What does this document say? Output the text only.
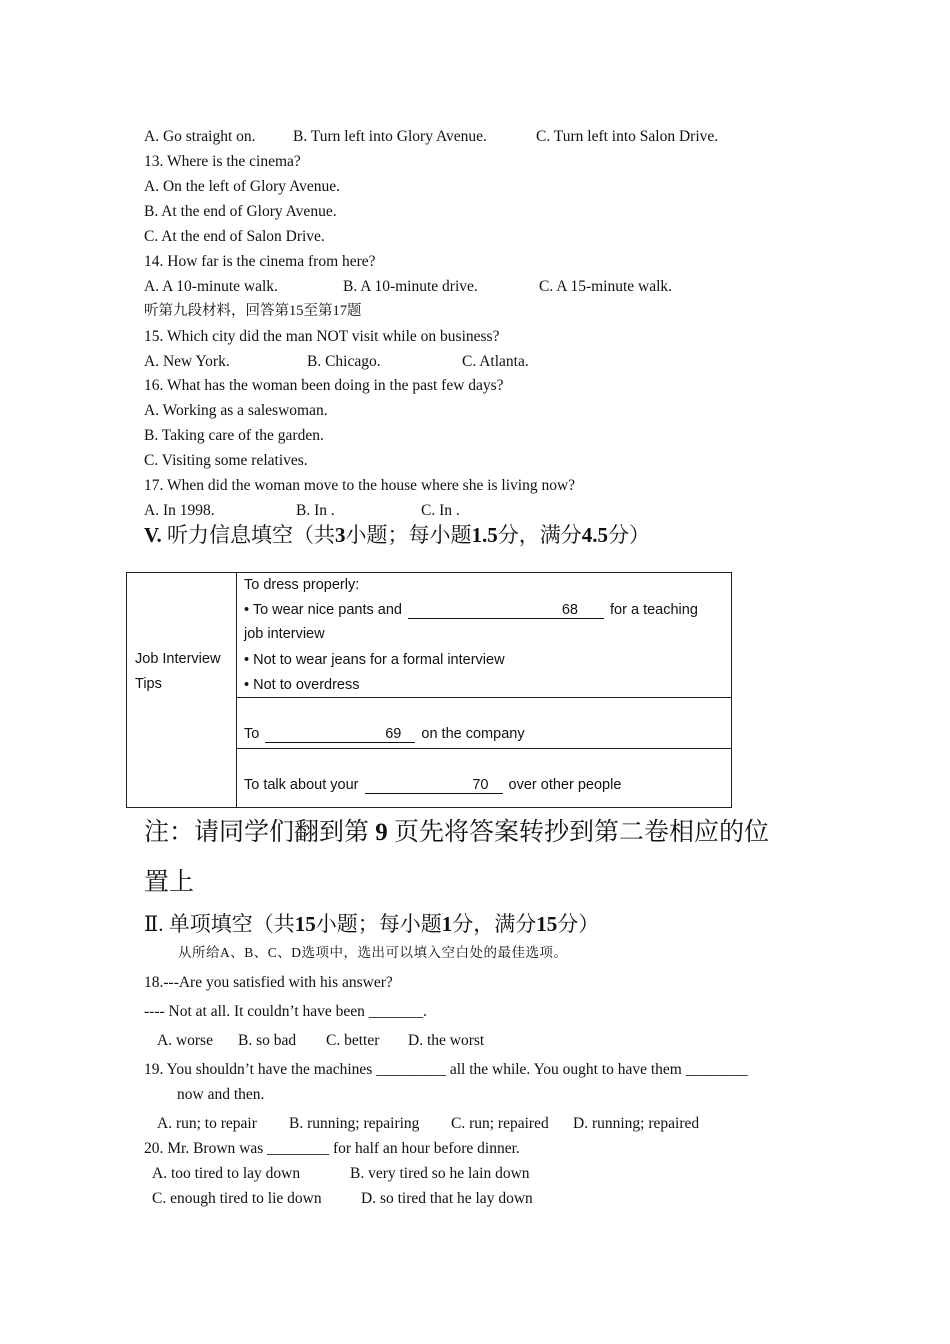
A. Go straight on. B. Turn left into Glory Avenue.	C. Turn left into Salon Drive.
13. Where is the cinema?
A. On the left of Glory Avenue.
B. At the end of Glory Avenue.
C. At the end of Salon Drive.
14. How far is the cinema from here?
A. A 10-minute walk.	B. A 10-minute drive.	C. A 15-minute walk.
听第九段材料，回答第15至第17题
15. Which city did the man NOT visit while on business?
A. New York.	B. Chicago.	C. Atlanta.
16. What has the woman been doing in the past few days?
A. Working as a saleswoman.
B. Taking care of the garden.
C. Visiting some relatives.
17. When did the woman move to the house where she is living now?
A. In 1998.	B. In .	C. In .
V. 听力信息填空（共3小题；每小题1.5分，满分4.5分）
Job Interview
Tips
To dress properly:
• To wear nice pants and	68 for a teaching
job interview
• Not to wear jeans for a formal interview
• Not to overdress
To	69 on the company
To talk about your	70 over other people
注：请同学们翻到第 9 页先将答案转抄到第二卷相应的位
置上
Ⅱ. 单项填空（共15小题；每小题1分，满分15分）
从所给A、B、C、D选项中，选出可以填入空白处的最佳选项。
18.---Are you satisfied with his answer?
---- Not at all. It couldn’t have been _______.
A. worse B. so bad C. better D. the worst
19. You shouldn’t have the machines _________ all the while. You ought to have them ________
now and then.
A. run; to repair B. running; repairing C. run; repaired D. running; repaired
20. Mr. Brown was ________ for half an hour before dinner.
A. too tired to lay down	B. very tired so he lain down
C. enough tired to lie down	D. so tired that he lay down
